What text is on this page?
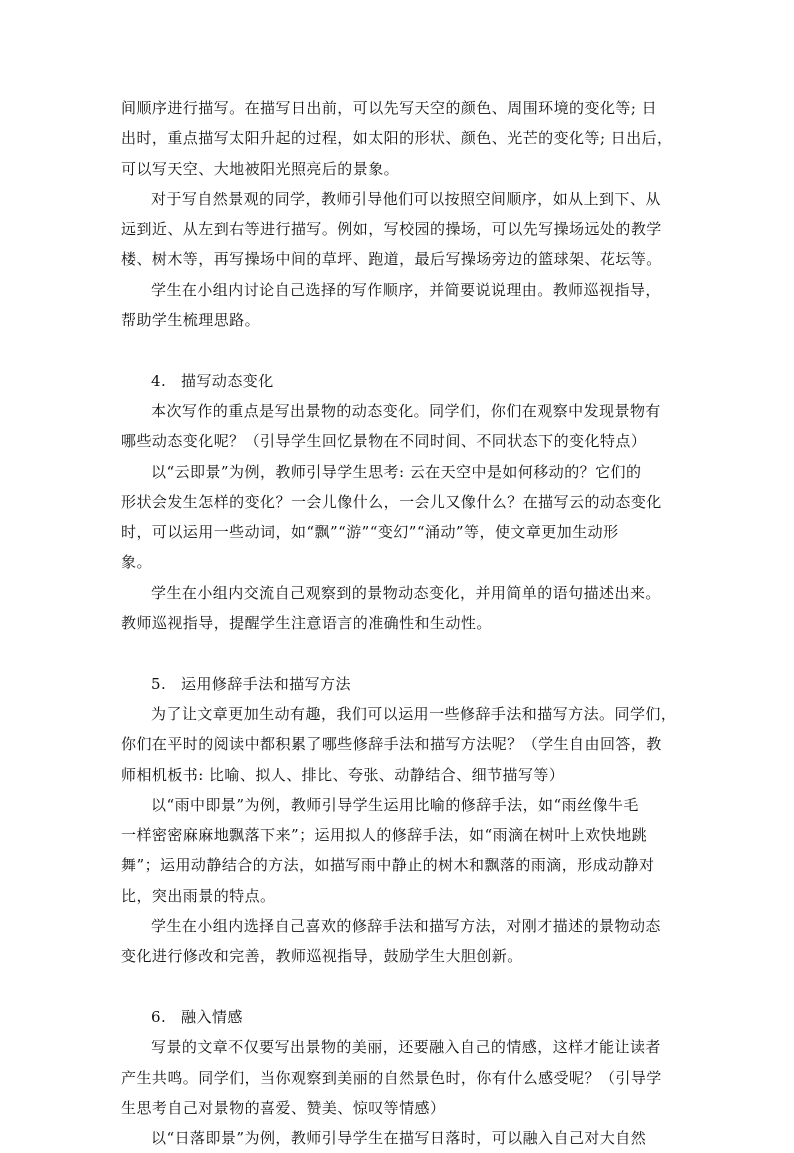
间顺序进行描写。在描写日出前，可以先写天空的颜色、周围环境的变化等; 日
出时，重点描写太阳升起的过程，如太阳的形状、颜色、光芒的变化等; 日出后，
可以写天空、大地被阳光照亮后的景象。
对于写自然景观的同学，教师引导他们可以按照空间顺序，如从上到下、从
远到近、从左到右等进行描写。例如，写校园的操场，可以先写操场远处的教学
楼、树木等，再写操场中间的草坪、跑道，最后写操场旁边的篮球架、花坛等。
学生在小组内讨论自己选择的写作顺序，并简要说说理由。教师巡视指导，
帮助学生梳理思路。
4. 描写动态变化
本次写作的重点是写出景物的动态变化。同学们，你们在观察中发现景物有
哪些动态变化呢？（引导学生回忆景物在不同时间、不同状态下的变化特点）
以“云即景”为例，教师引导学生思考: 云在天空中是如何移动的？它们的
形状会发生怎样的变化？一会儿像什么，一会儿又像什么？在描写云的动态变化
时，可以运用一些动词，如“飘”“游”“变幻”“涌动”等，使文章更加生动形
象。
学生在小组内交流自己观察到的景物动态变化，并用简单的语句描述出来。
教师巡视指导，提醒学生注意语言的准确性和生动性。
5. 运用修辞手法和描写方法
为了让文章更加生动有趣，我们可以运用一些修辞手法和描写方法。同学们，
你们在平时的阅读中都积累了哪些修辞手法和描写方法呢？（学生自由回答，教
师相机板书: 比喻、拟人、排比、夸张、动静结合、细节描写等）
以“雨中即景”为例，教师引导学生运用比喻的修辞手法，如“雨丝像牛毛
一样密密麻麻地飘落下来”；运用拟人的修辞手法，如“雨滴在树叶上欢快地跳
舞”；运用动静结合的方法，如描写雨中静止的树木和飘落的雨滴，形成动静对
比，突出雨景的特点。
学生在小组内选择自己喜欢的修辞手法和描写方法，对刚才描述的景物动态
变化进行修改和完善，教师巡视指导，鼓励学生大胆创新。
6. 融入情感
写景的文章不仅要写出景物的美丽，还要融入自己的情感，这样才能让读者
产生共鸣。同学们，当你观察到美丽的自然景色时，你有什么感受呢？（引导学
生思考自己对景物的喜爱、赞美、惊叹等情感）
以“日落即景”为例，教师引导学生在描写日落时，可以融入自己对大自然
